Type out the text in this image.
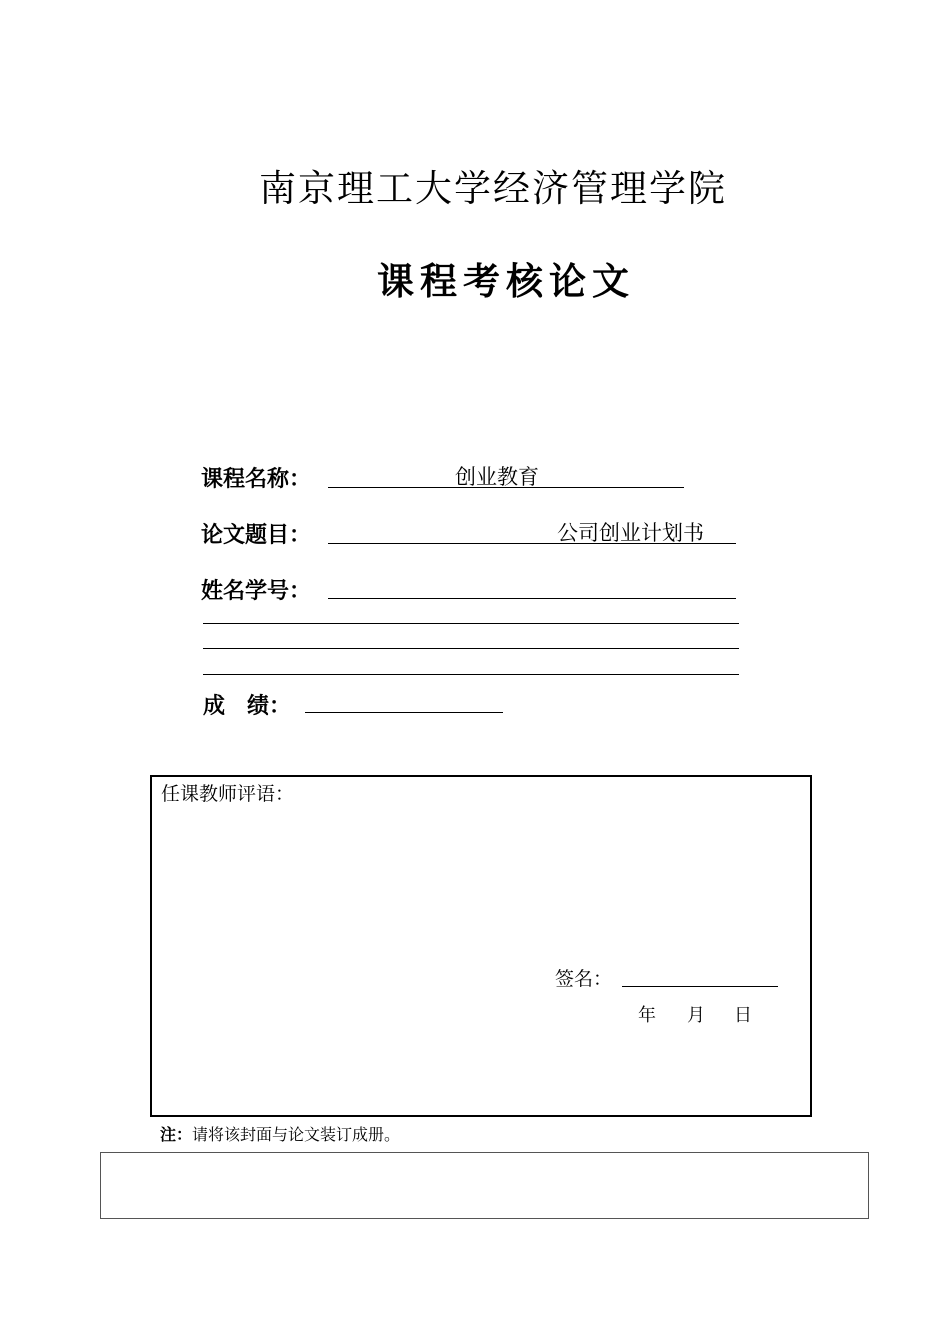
南京理工大学经济管理学院
课程考核论文
课程名称：	创业教育
论文题目：	公司创业计划书
姓名学号：
成　绩：
任课教师评语：
签名：
年 月 日
注：请将该封面与论文装订成册。
